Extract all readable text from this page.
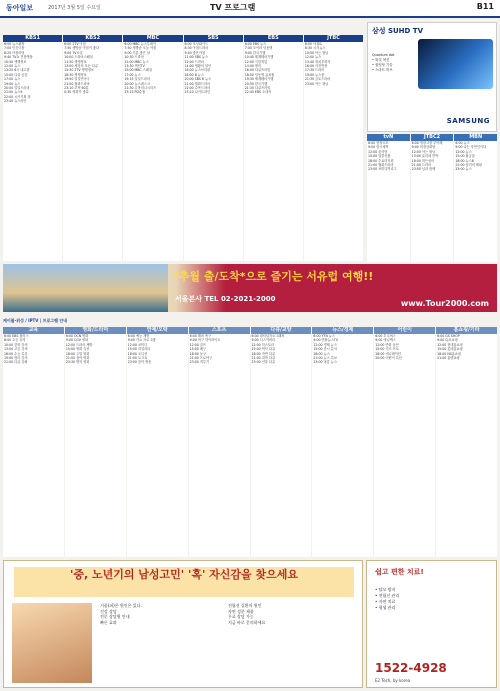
동아일보	2017년 3월 5일 수요일	TV 프로그램	B11
KBS1
6:00 뉴스광장
7:00 인간극장
8:25 아침마당
9:40 TV쇼 진품명품
10:50 생생정보
12:00 뉴스
13:20 6시 내고향
15:00 다큐 공감
17:00 뉴스
19:00 뉴스
20:00 일일드라마
21:00 뉴스9
22:00 시사기획 창
23:40 뉴스라인
KBS2
6:00 2TV 아침
7:50 생방송 아침이 좋다
9:00 TV소설
10:00 드라마스페셜
11:30 생생정보
13:00 세상의 모든 다큐
15:30 2TV 생생정보
18:30 생생정보
19:50 일일연속극
21:50 월화드라마
23:10 추적 60분
0:30 영화가 좋다
MBC
6:00 MBC 뉴스투데이
7:50 생방송 오늘 아침
9:00 기분 좋은 날
10:30 드라마
12:00 MBC 뉴스
13:30 섹션TV
15:00 MBC 스페셜
17:00 뉴스
19:15 일일드라마
20:00 뉴스데스크
21:30 수목미니시리즈
23:15 PD수첩
SBS
6:00 모닝와이드
8:30 아침드라마
9:40 좋은아침
11:00 SBS 뉴스
12:00 드라마
14:00 생활의 달인
16:00 뉴스브리핑
18:00 8 뉴스
20:00 SBS 8 뉴스
21:00 월화드라마
22:00 수목드라마
23:10 나이트라인
EBS
6:00 EBS 뉴스
7:00 모여라 딩동댕
9:00 한국기행
10:40 세계테마기행
12:00 극한직업
14:00 명의
16:00 다큐프라임
18:00 딩동댕 유치원
19:30 세계테마기행
20:50 한국기행
21:30 다큐프라임
22:45 EBS 초대석
JTBC
6:00 아침&
8:30 시사뉴스
10:00 아는 형님
12:00 뉴스
13:40 정치부회의
16:00 사건반장
17:30 드라마
19:00 뉴스룸
21:30 금토드라마
23:00 아는 형님
삼성 SUHD TV
Quantum dot
• 화질 혁신
• 퀀텀닷 기술
• 스마트 허브
SAMSUNG
tvN
6:00 현장르포
9:00 삼시세끼
12:00 윤식당
15:00 알쓸신잡
18:00 수요미식회
21:00 월화드라마
23:00 코미디빅리그
JTBC2
6:00 냉장고를 부탁해
9:00 비정상회담
12:00 아는 형님
15:00 효리네 민박
18:00 히든싱어
21:00 드라마
23:00 님과 함께
MBN
6:00 뉴스
9:00 나는 자연인이다
12:00 뉴스
15:00 황금알
18:00 뉴스8
21:00 엄지의 제왕
23:00 뉴스
*추월 출/도착*으로 즐기는 서유럽 여행!!
서울본사 TEL 02-2021-2000	www.Tour2000.com
케이블·위성 / IPTV | 프로그램 안내
교육
6:00 EBS 플러스
8:00 초등 강의
10:00 중학 강의
13:00 고등 강의
16:00 수능 특강
19:00 영어 강의
21:00 다큐 강좌
영화/드라마
6:00 OCN 영화
9:00 CGV 영화
12:00 드라마 재방
15:00 영화 특선
18:00 주말 영화
21:00 심야 영화
23:30 명작 영화
연예/오락
6:00 예능 재방
9:00 가요 프로그램
12:00 코미디
15:00 리얼리티
18:00 오디션
21:00 토크쇼
23:00 음악 방송
스포츠
6:00 해외 축구
9:00 야구 하이라이트
12:00 골프
15:00 배구
18:00 농구
21:00 프로야구
23:00 격투기
다큐/교양
6:00 내셔널지오그래픽
9:00 디스커버리
12:00 히스토리
15:00 역사 다큐
18:00 자연 다큐
21:00 과학 다큐
23:00 인물 다큐
뉴스/경제
6:00 YTN 뉴스
9:00 연합뉴스TV
12:00 경제 뉴스
15:00 증시 분석
18:00 뉴스
21:00 뉴스 특보
23:00 마감 뉴스
어린이
6:00 투니버스
9:00 애니맥스
12:00 만화 동산
15:00 키즈 프로
18:00 애니메이션
20:00 어린이 특선
홈쇼핑/기타
6:00 GS SHOP
9:00 CJ오쇼핑
12:00 현대홈쇼핑
15:00 롯데홈쇼핑
18:00 NS홈쇼핑
21:00 홈앤쇼핑
'중, 노년기의 남성고민' '혹' 자신감을 찾으세요
거품(퍼)은 원인은 있다.
건강 상담
전문 상담원 안내
빠른 효과
전립선 질환의 원인
자연 성분 제품
무료 상담 가능
지금 바로 문의하세요
쉽고 편한 치료!
• 탈모 방지
• 전립선 관리
• 자연 치료
• 평생 관리
1522-4928
E2 Tech, by korea
